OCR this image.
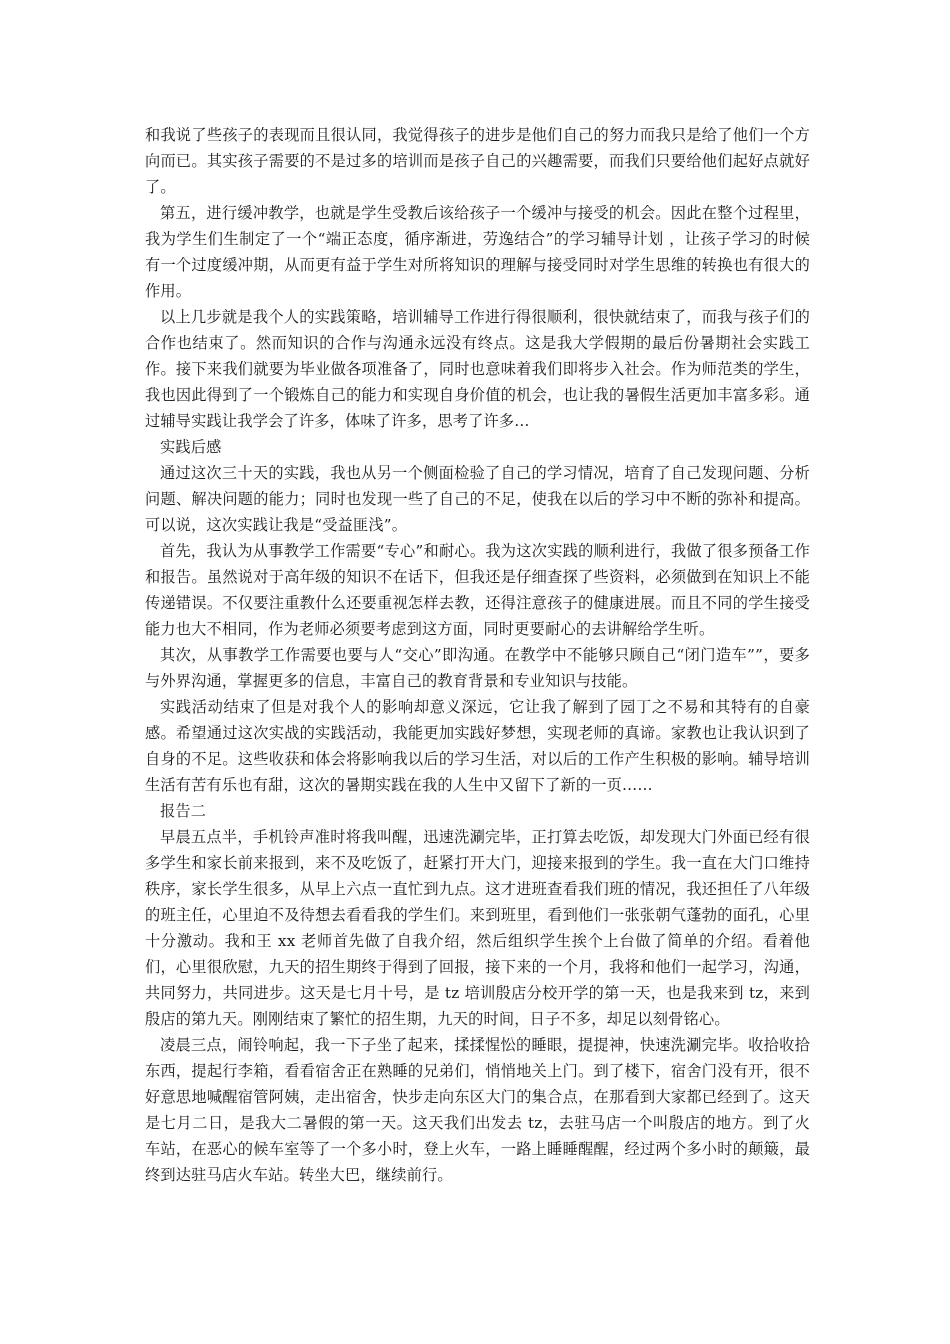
和我说了些孩子的表现而且很认同，我觉得孩子的进步是他们自己的努力而我只是给了他们一个方向而已。其实孩子需要的不是过多的培训而是孩子自己的兴趣需要，而我们只要给他们起好点就好了。

第五，进行缓冲教学，也就是学生受教后该给孩子一个缓冲与接受的机会。因此在整个过程里，我为学生们生制定了一个“端正态度，循序渐进，劳逸结合”的学习辅导计划 ，让孩子学习的时候有一个过度缓冲期，从而更有益于学生对所将知识的理解与接受同时对学生思维的转换也有很大的作用。

以上几步就是我个人的实践策略，培训辅导工作进行得很顺利，很快就结束了，而我与孩子们的合作也结束了。然而知识的合作与沟通永远没有终点。这是我大学假期的最后份暑期社会实践工作。接下来我们就要为毕业做各项准备了，同时也意味着我们即将步入社会。作为师范类的学生，我也因此得到了一个锻炼自己的能力和实现自身价值的机会，也让我的暑假生活更加丰富多彩。通过辅导实践让我学会了许多，体味了许多，思考了许多…

实践后感

通过这次三十天的实践，我也从另一个侧面检验了自己的学习情况，培育了自己发现问题、分析问题、解决问题的能力；同时也发现一些了自己的不足，使我在以后的学习中不断的弥补和提高。可以说，这次实践让我是“受益匪浅”。

首先，我认为从事教学工作需要“专心”和耐心。我为这次实践的顺利进行，我做了很多预备工作和报告。虽然说对于高年级的知识不在话下，但我还是仔细查探了些资料，必须做到在知识上不能传递错误。不仅要注重教什么还要重视怎样去教，还得注意孩子的健康进展。而且不同的学生接受能力也大不相同，作为老师必须要考虑到这方面，同时更要耐心的去讲解给学生听。

其次，从事教学工作需要也要与人“交心”即沟通。在教学中不能够只顾自己“闭门造车””，要多与外界沟通，掌握更多的信息，丰富自己的教育背景和专业知识与技能。

实践活动结束了但是对我个人的影响却意义深远，它让我了解到了园丁之不易和其特有的自豪感。希望通过这次实战的实践活动，我能更加实践好梦想，实现老师的真谛。家教也让我认识到了自身的不足。这些收获和体会将影响我以后的学习生活，对以后的工作产生积极的影响。辅导培训生活有苦有乐也有甜，这次的暑期实践在我的人生中又留下了新的一页……

报告二

早晨五点半，手机铃声准时将我叫醒，迅速洗涮完毕，正打算去吃饭，却发现大门外面已经有很多学生和家长前来报到，来不及吃饭了，赶紧打开大门，迎接来报到的学生。我一直在大门口维持秩序，家长学生很多，从早上六点一直忙到九点。这才进班查看我们班的情况，我还担任了八年级的班主任，心里迫不及待想去看看我的学生们。来到班里，看到他们一张张朝气蓬勃的面孔，心里十分激动。我和王 xx 老师首先做了自我介绍，然后组织学生挨个上台做了简单的介绍。看着他们，心里很欣慰，九天的招生期终于得到了回报，接下来的一个月，我将和他们一起学习，沟通，共同努力，共同进步。这天是七月十号，是 tz 培训殷店分校开学的第一天，也是我来到 tz，来到殷店的第九天。刚刚结束了繁忙的招生期，九天的时间，日子不多，却足以刻骨铭心。

凌晨三点，闹铃响起，我一下子坐了起来，揉揉惺忪的睡眼，提提神，快速洗涮完毕。收拾收拾东西，提起行李箱，看看宿舍正在熟睡的兄弟们，悄悄地关上门。到了楼下，宿舍门没有开，很不好意思地喊醒宿管阿姨，走出宿舍，快步走向东区大门的集合点，在那看到大家都已经到了。这天是七月二日，是我大二暑假的第一天。这天我们出发去 tz，去驻马店一个叫殷店的地方。到了火车站，在恶心的候车室等了一个多小时，登上火车，一路上睡睡醒醒，经过两个多小时的颠簸，最终到达驻马店火车站。转坐大巴，继续前行。
